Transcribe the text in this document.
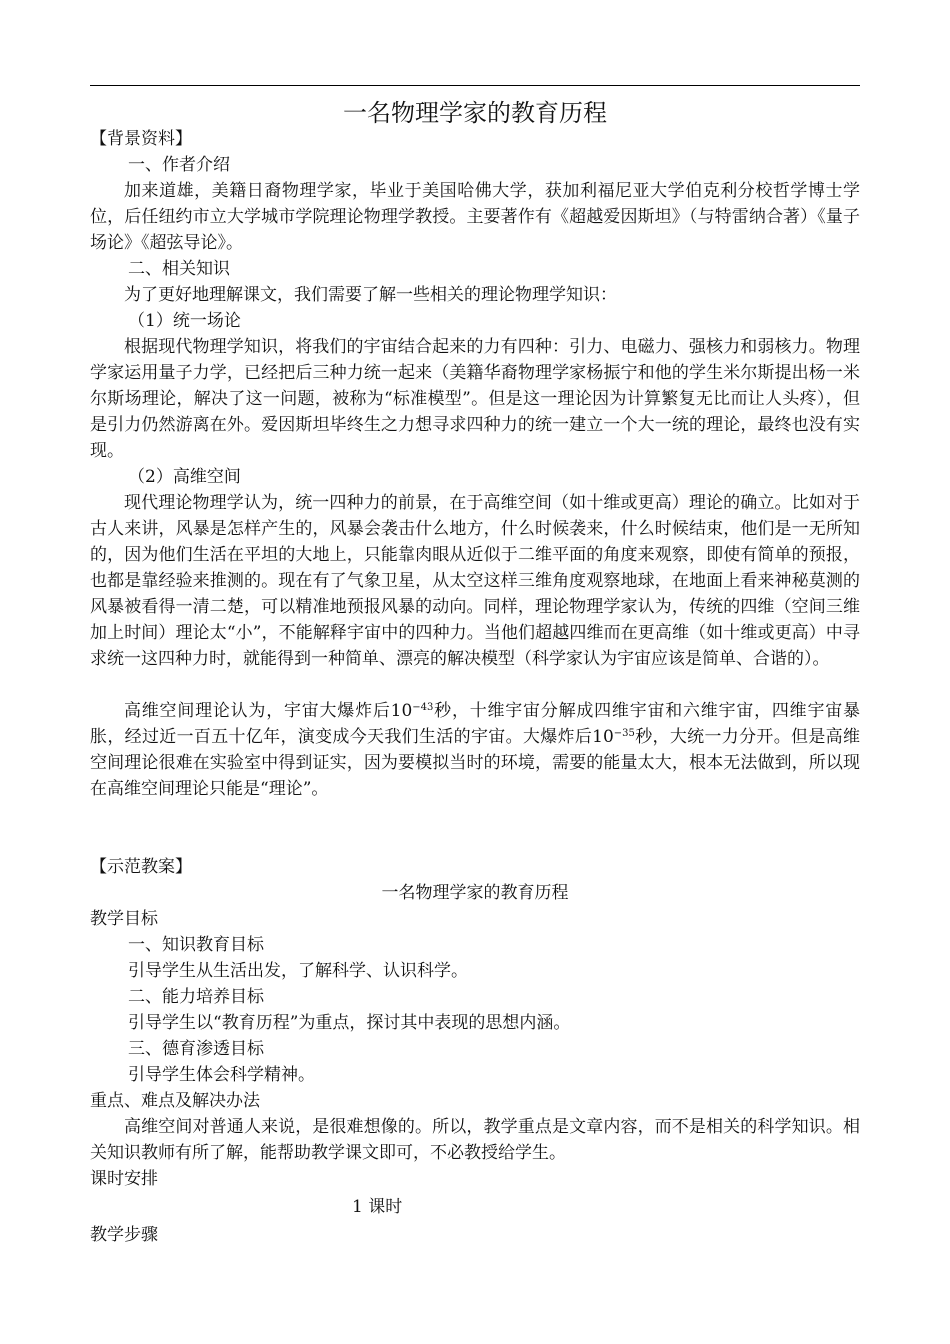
一名物理学家的教育历程
【背景资料】
一、作者介绍
加来道雄，美籍日裔物理学家，毕业于美国哈佛大学，获加利福尼亚大学伯克利分校哲学博士学位，后任纽约市立大学城市学院理论物理学教授。主要著作有《超越爱因斯坦》（与特雷纳合著）《量子场论》《超弦导论》。
二、相关知识
为了更好地理解课文，我们需要了解一些相关的理论物理学知识：
（1）统一场论
根据现代物理学知识，将我们的宇宙结合起来的力有四种：引力、电磁力、强核力和弱核力。物理学家运用量子力学，已经把后三种力统一起来（美籍华裔物理学家杨振宁和他的学生米尔斯提出杨一米尔斯场理论，解决了这一问题，被称为“标准模型”。但是这一理论因为计算繁复无比而让人头疼），但是引力仍然游离在外。爱因斯坦毕终生之力想寻求四种力的统一建立一个大一统的理论，最终也没有实现。
（2）高维空间
现代理论物理学认为，统一四种力的前景，在于高维空间（如十维或更高）理论的确立。比如对于古人来讲，风暴是怎样产生的，风暴会袭击什么地方，什么时候袭来，什么时候结束，他们是一无所知的，因为他们生活在平坦的大地上，只能靠肉眼从近似于二维平面的角度来观察，即使有简单的预报，也都是靠经验来推测的。现在有了气象卫星，从太空这样三维角度观察地球，在地面上看来神秘莫测的风暴被看得一清二楚，可以精准地预报风暴的动向。同样，理论物理学家认为，传统的四维（空间三维加上时间）理论太“小”，不能解释宇宙中的四种力。当他们超越四维而在更高维（如十维或更高）中寻求统一这四种力时，就能得到一种简单、漂亮的解决模型（科学家认为宇宙应该是简单、合谐的）。
高维空间理论认为，宇宙大爆炸后$10^{-43}$秒，十维宇宙分解成四维宇宙和六维宇宙，四维宇宙暴胀，经过近一百五十亿年，演变成今天我们生活的宇宙。大爆炸后$10^{-35}$秒，大统一力分开。但是高维空间理论很难在实验室中得到证实，因为要模拟当时的环境，需要的能量太大，根本无法做到，所以现在高维空间理论只能是“理论”。
【示范教案】
一名物理学家的教育历程
教学目标
一、知识教育目标
引导学生从生活出发，了解科学、认识科学。
二、能力培养目标
引导学生以“教育历程”为重点，探讨其中表现的思想内涵。
三、德育渗透目标
引导学生体会科学精神。
重点、难点及解决办法
高维空间对普通人来说，是很难想像的。所以，教学重点是文章内容，而不是相关的科学知识。相关知识教师有所了解，能帮助教学课文即可，不必教授给学生。
课时安排
1 课时
教学步骤
